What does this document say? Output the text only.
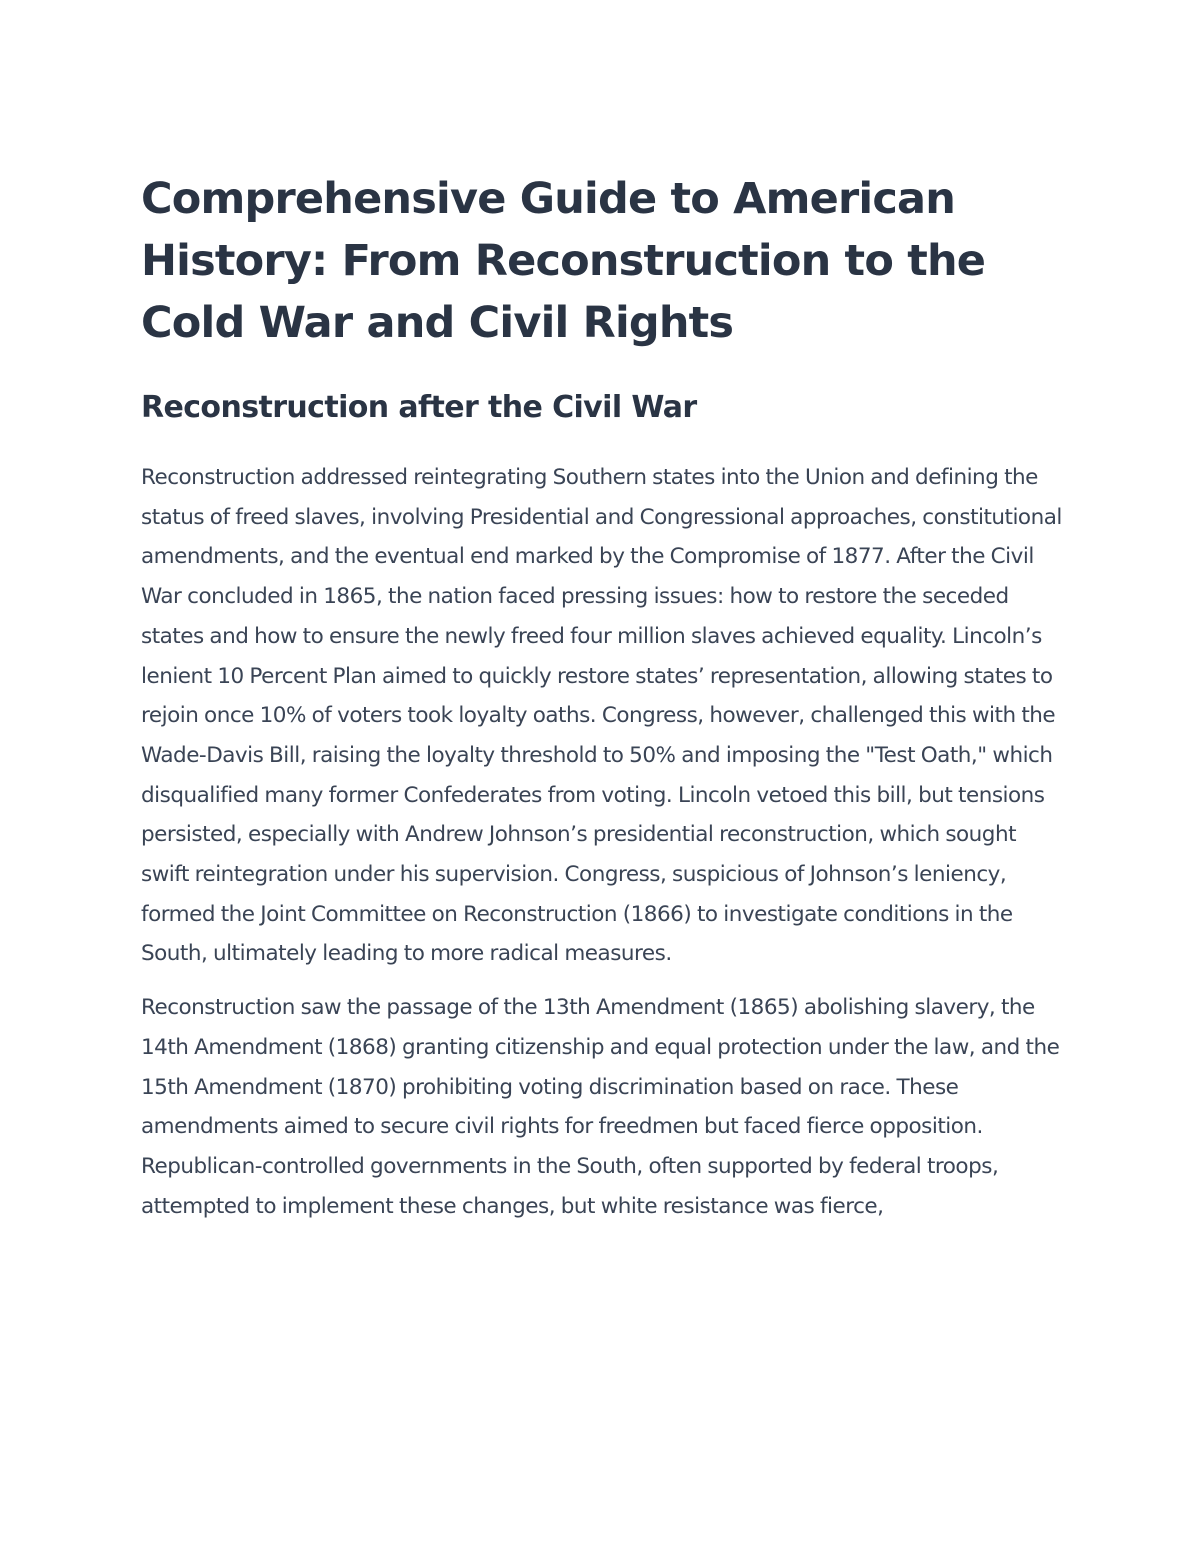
Comprehensive Guide to American History: From Reconstruction to the Cold War and Civil Rights
Reconstruction after the Civil War

Reconstruction addressed reintegrating Southern states into the Union and defining the status of freed slaves, involving Presidential and Congressional approaches, constitutional amendments, and the eventual end marked by the Compromise of 1877. After the Civil War concluded in 1865, the nation faced pressing issues: how to restore the seceded states and how to ensure the newly freed four million slaves achieved equality. Lincoln’s lenient 10 Percent Plan aimed to quickly restore states’ representation, allowing states to rejoin once 10% of voters took loyalty oaths. Congress, however, challenged this with the Wade-Davis Bill, raising the loyalty threshold to 50% and imposing the "Test Oath," which disqualified many former Confederates from voting. Lincoln vetoed this bill, but tensions persisted, especially with Andrew Johnson’s presidential reconstruction, which sought swift reintegration under his supervision. Congress, suspicious of Johnson’s leniency, formed the Joint Committee on Reconstruction (1866) to investigate conditions in the South, ultimately leading to more radical measures.

Reconstruction saw the passage of the 13th Amendment (1865) abolishing slavery, the 14th Amendment (1868) granting citizenship and equal protection under the law, and the 15th Amendment (1870) prohibiting voting discrimination based on race. These amendments aimed to secure civil rights for freedmen but faced fierce opposition. Republican-controlled governments in the South, often supported by federal troops, attempted to implement these changes, but white resistance was fierce,
